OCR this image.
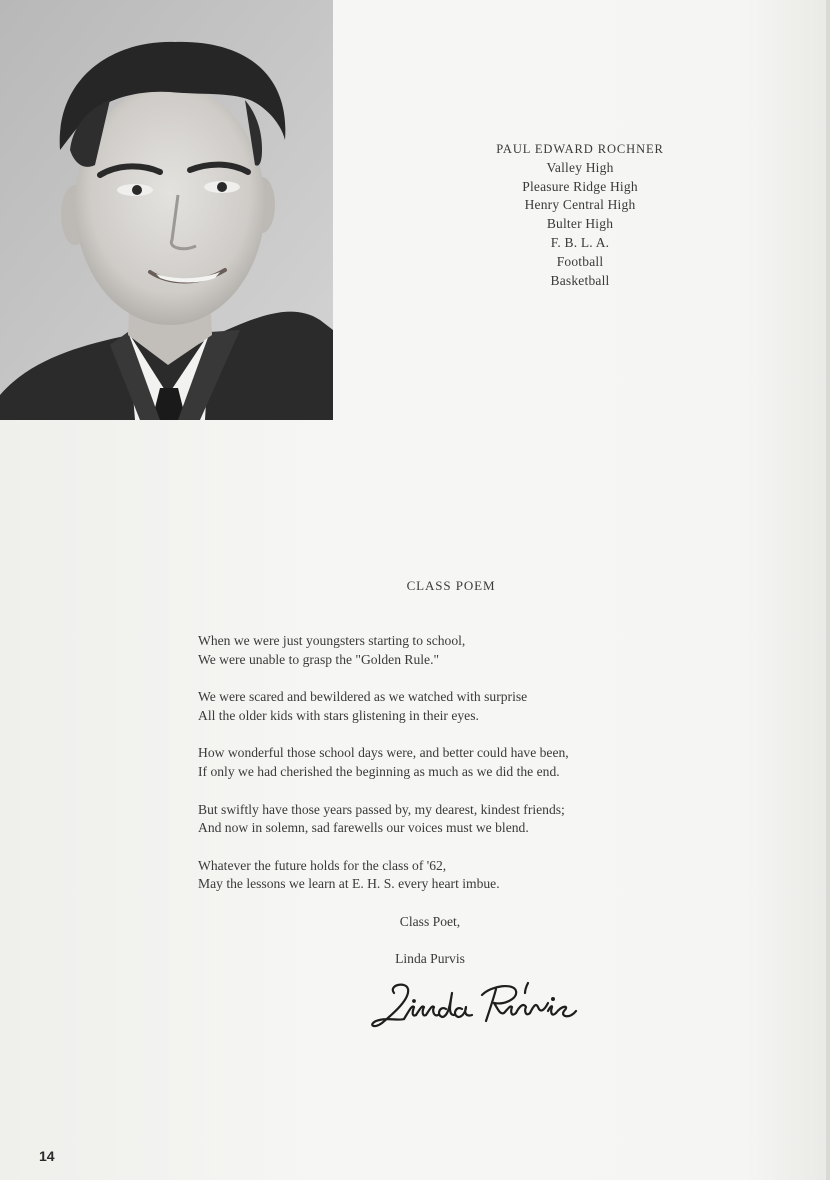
PAUL EDWARD ROCHNER
Valley High
Pleasure Ridge High
Henry Central High
Bulter High
F. B. L. A.
Football
Basketball
CLASS POEM
When we were just youngsters starting to school,
We were unable to grasp the "Golden Rule."
We were scared and bewildered as we watched with surprise
All the older kids with stars glistening in their eyes.
How wonderful those school days were, and better could have been,
If only we had cherished the beginning as much as we did the end.
But swiftly have those years passed by, my dearest, kindest friends;
And now in solemn, sad farewells our voices must we blend.
Whatever the future holds for the class of '62,
May the lessons we learn at E. H. S. every heart imbue.
Class Poet,
Linda Purvis
14
